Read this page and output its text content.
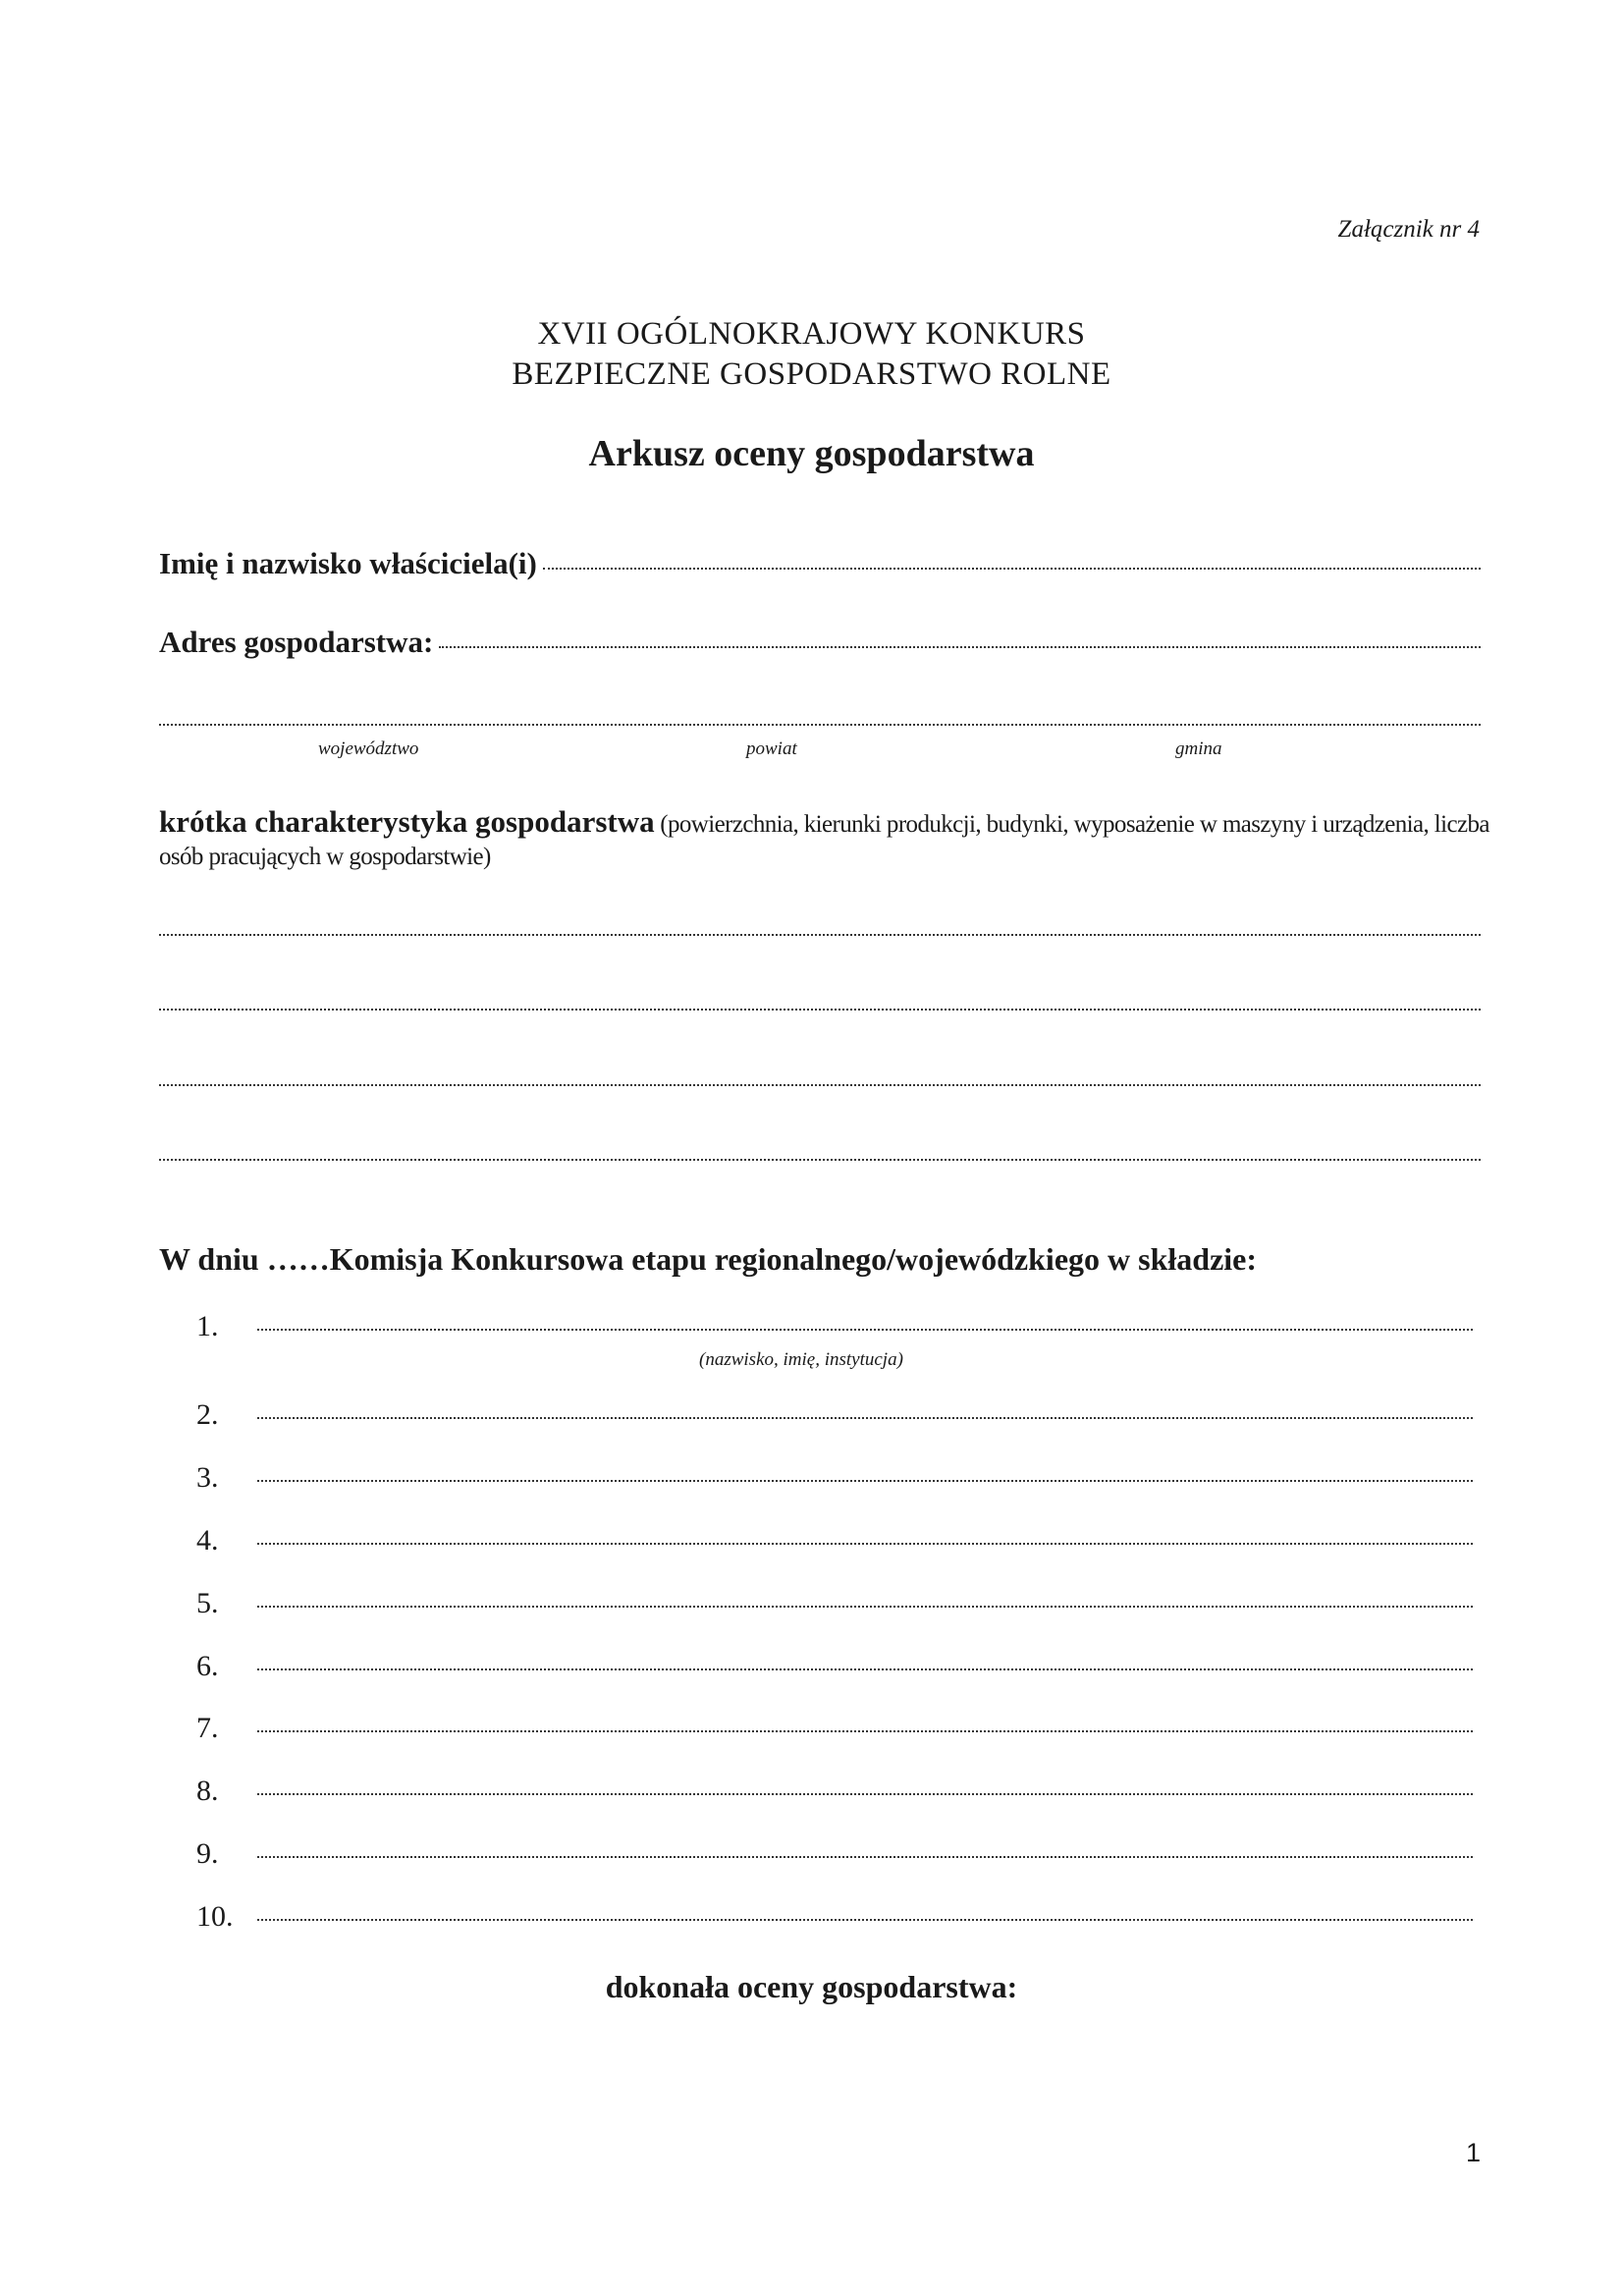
Załącznik nr 4
XVII OGÓLNOKRAJOWY KONKURS
BEZPIECZNE GOSPODARSTWO ROLNE
Arkusz oceny gospodarstwa
Imię i nazwisko właściciela(i)
Adres gospodarstwa:
województwo	powiat	gmina
krótka charakterystyka gospodarstwa (powierzchnia, kierunki produkcji, budynki, wyposażenie w maszyny i urządzenia, liczba osób pracujących w gospodarstwie)
W dniu ……Komisja Konkursowa etapu regionalnego/wojewódzkiego w składzie:
1.
(nazwisko, imię, instytucja)
2.
3.
4.
5.
6.
7.
8.
9.
10.
dokonała oceny gospodarstwa:
1
